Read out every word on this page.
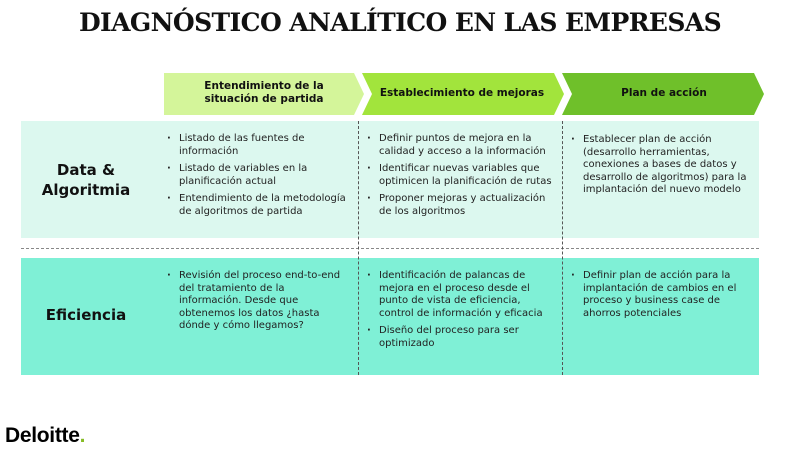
DIAGNÓSTICO ANALÍTICO EN LAS EMPRESAS
Entendimiento de la situación de partida
Establecimiento de mejoras	Plan de acción
Data & Algoritmia
Eficiencia
· Listado de las fuentes de información
· Listado de variables en la planificación actual
· Entendimiento de la metodología de algoritmos de partida
· Definir puntos de mejora en la calidad y acceso a la información
· Identificar nuevas variables que optimicen la planificación de rutas
· Proponer mejoras y actualización de los algoritmos
· Establecer plan de acción (desarrollo herramientas, conexiones a bases de datos y desarrollo de algoritmos) para la implantación del nuevo modelo
· Revisión del proceso end-to-end del tratamiento de la información. Desde que obtenemos los datos ¿hasta dónde y cómo llegamos?
· Identificación de palancas de mejora en el proceso desde el punto de vista de eficiencia, control de información y eficacia
· Diseño del proceso para ser optimizado
· Definir plan de acción para la implantación de cambios en el proceso y business case de ahorros potenciales
Deloitte.
